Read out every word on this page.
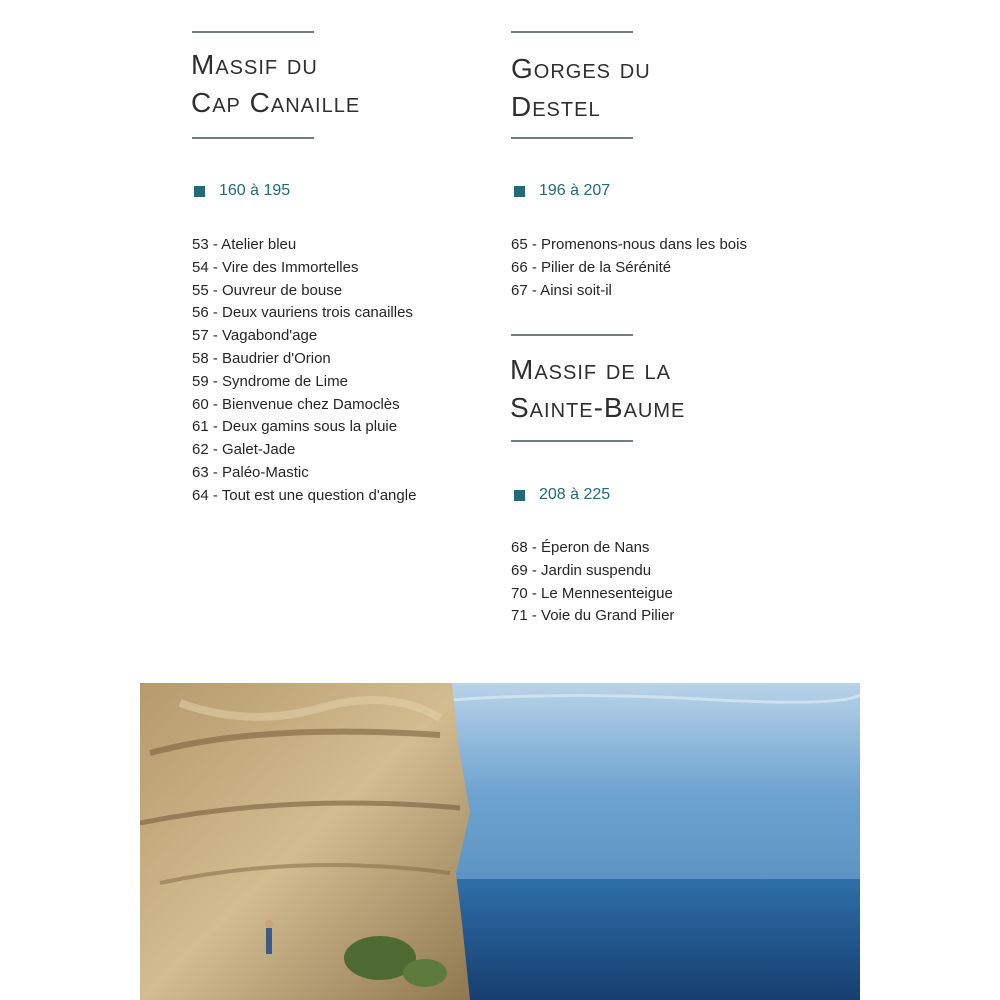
Massif du
Cap Canaille
160 à 195
53 - Atelier bleu
54 - Vire des Immortelles
55 - Ouvreur de bouse
56 - Deux vauriens trois canailles
57 - Vagabond'age
58 - Baudrier d'Orion
59 - Syndrome de Lime
60 - Bienvenue chez Damoclès
61 - Deux gamins sous la pluie
62 - Galet-Jade
63 - Paléo-Mastic
64 - Tout est une question d'angle
Gorges du
Destel
196 à 207
65 - Promenons-nous dans les bois
66 - Pilier de la Sérénité
67 - Ainsi soit-il
Massif de la
Sainte-Baume
208 à 225
68 - Éperon de Nans
69 - Jardin suspendu
70 - Le Mennesenteigue
71 - Voie du Grand Pilier
